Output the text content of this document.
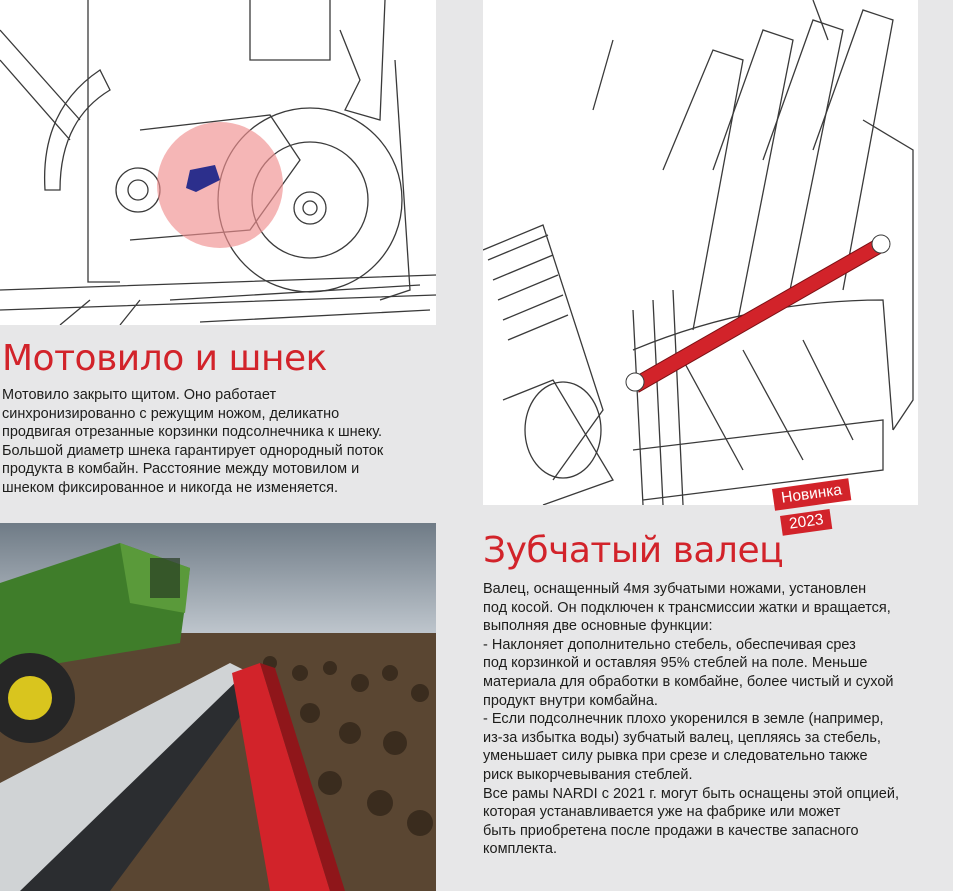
Мотовило и шнек

Мотовило закрыто щитом. Оно работает
синхронизированно с режущим ножом, деликатно
продвигая отрезанные корзинки подсолнечника к шнеку.
Большой диаметр шнека гарантирует однородный поток
продукта в комбайн. Расстояние между мотовилом и
шнеком фиксированное и никогда не изменяется.	Новинка
2023
Зубчатый валец

Валец, оснащенный 4мя зубчатыми ножами, установлен
под косой. Он подключен к трансмиссии жатки и вращается,
выполняя две основные функции:
- Наклоняет дополнительно стебель, обеспечивая срез
под корзинкой и оставляя 95% стеблей на поле. Меньше
материала для обработки в комбайне, более чистый и сухой
продукт внутри комбайна.
- Если подсолнечник плохо укоренился в земле (например,
из-за избытка воды) зубчатый валец, цепляясь за стебель,
уменьшает силу рывка при срезе и следовательно также
риск выкорчевывания стеблей.
Все рамы NARDI с 2021 г. могут быть оснащены этой опцией,
которая устанавливается уже на фабрике или может
быть приобретена после продажи в качестве запасного
комплекта.
